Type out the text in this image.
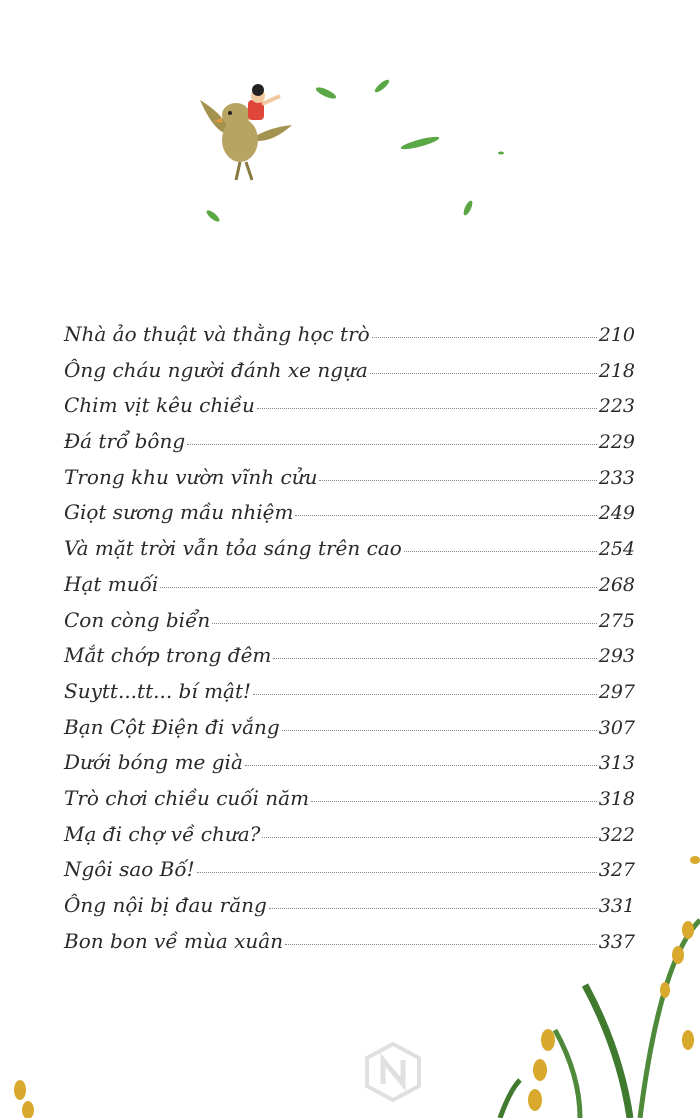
Nhà ảo thuật và thằng học trò	210
Ông cháu người đánh xe ngựa	218
Chim vịt kêu chiều	223
Đá trổ bông	229
Trong khu vườn vĩnh cửu	233
Giọt sương mầu nhiệm	249
Và mặt trời vẫn tỏa sáng trên cao	254
Hạt muối	268
Con còng biển	275
Mắt chớp trong đêm	293
Suytt...tt... bí mật!	297
Bạn Cột Điện đi vắng	307
Dưới bóng me già	313
Trò chơi chiều cuối năm	318
Mạ đi chợ về chưa?	322
Ngôi sao Bố!	327
Ông nội bị đau răng	331
Bon bon về mùa xuân	337
